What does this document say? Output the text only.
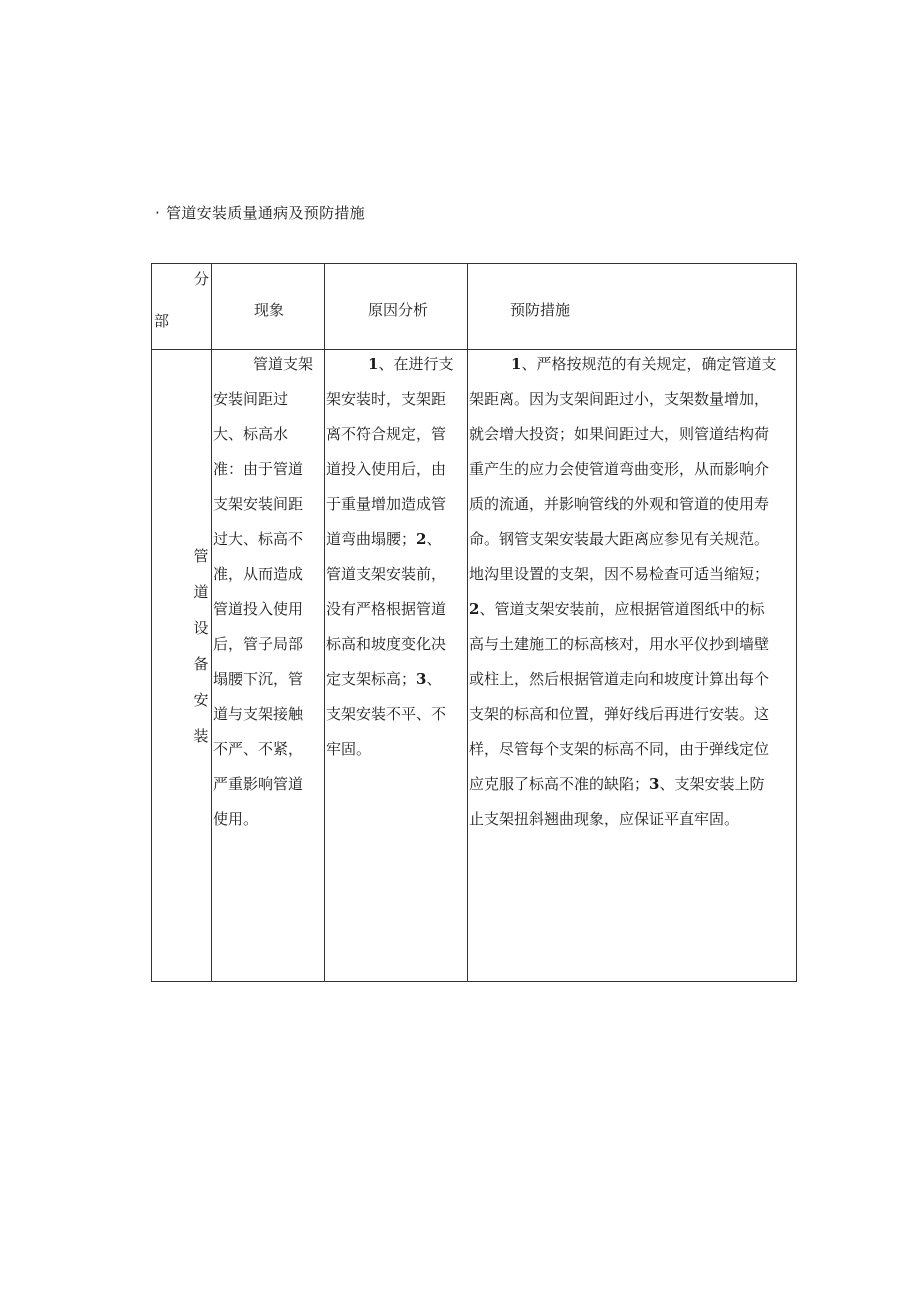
· 管道安装质量通病及预防措施
分
部
现象	原因分析	预防措施
管
道
设
备
安
装
管道支架安装间距过大、标高水准：由于管道支架安装间距过大、标高不准，从而造成管道投入使用后，管子局部塌腰下沉，管道与支架接触不严、不紧，严重影响管道使用。
1、在进行支架安装时，支架距离不符合规定，管道投入使用后，由于重量增加造成管道弯曲塌腰；2、管道支架安装前，没有严格根据管道标高和坡度变化决定支架标高；3、支架安装不平、不牢固。
1、严格按规范的有关规定，确定管道支架距离。因为支架间距过小，支架数量增加，就会增大投资；如果间距过大，则管道结构荷重产生的应力会使管道弯曲变形，从而影响介质的流通，并影响管线的外观和管道的使用寿命。钢管支架安装最大距离应参见有关规范。地沟里设置的支架，因不易检查可适当缩短；2、管道支架安装前，应根据管道图纸中的标高与土建施工的标高核对，用水平仪抄到墙壁或柱上，然后根据管道走向和坡度计算出每个支架的标高和位置，弹好线后再进行安装。这样，尽管每个支架的标高不同，由于弹线定位应克服了标高不准的缺陷；3、支架安装上防止支架扭斜翘曲现象，应保证平直牢固。
